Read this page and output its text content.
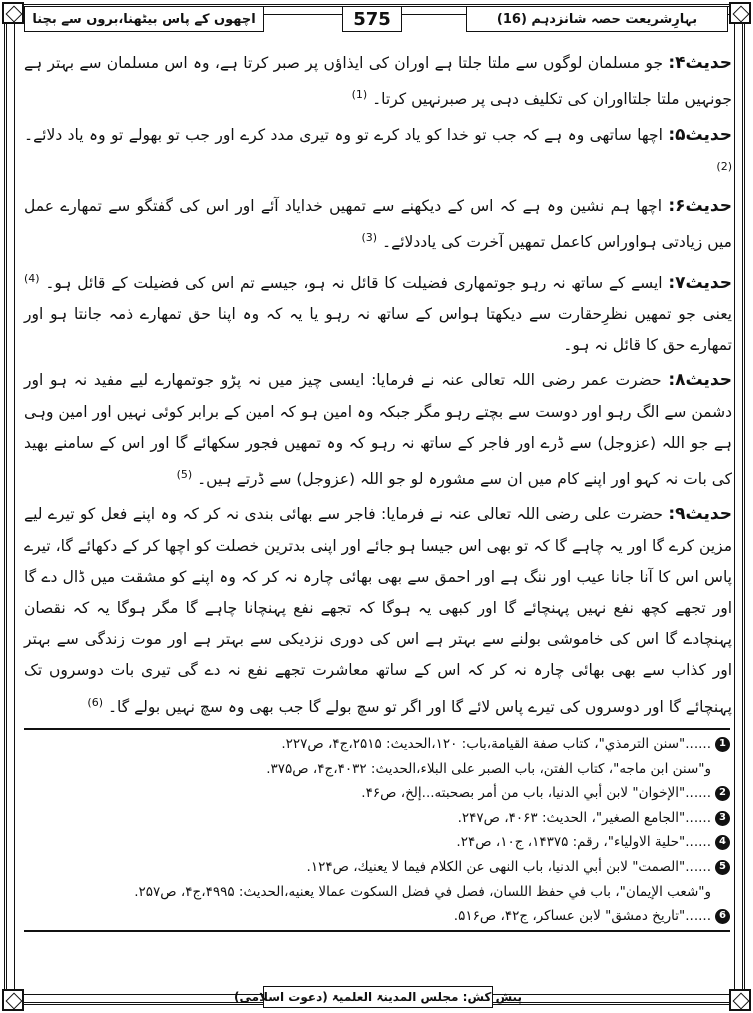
اچھوں کے پاس بیٹھنا،بروں سے بچنا	575	بہارِشریعت حصہ شانزدہم (16)

حدیث۴: جو مسلمان لوگوں سے ملتا جلتا ہے اوران کی ایذاؤں پر صبر کرتا ہے، وہ اس مسلمان سے بہتر ہے جونہیں ملتا جلتااوران کی تکلیف دہی پر صبرنہیں کرتا۔ $^{(1)}$

حدیث۵: اچھا ساتھی وہ ہے کہ جب تو خدا کو یاد کرے تو وہ تیری مدد کرے اور جب تو بھولے تو وہ یاد دلائے۔ $^{(2)}$

حدیث۶: اچھا ہم نشین وہ ہے کہ اس کے دیکھنے سے تمھیں خدایاد آئے اور اس کی گفتگو سے تمھارے عمل میں زیادتی ہواوراس کاعمل تمھیں آخرت کی یاددلائے۔ $^{(3)}$

حدیث۷: ایسے کے ساتھ نہ رہو جوتمھاری فضیلت کا قائل نہ ہو، جیسے تم اس کی فضیلت کے قائل ہو۔ $^{(4)}$ یعنی جو تمھیں نظرِحقارت سے دیکھتا ہواس کے ساتھ نہ رہو یا یہ کہ وہ اپنا حق تمھارے ذمہ جانتا ہو اور تمھارے حق کا قائل نہ ہو۔

حدیث۸: حضرت عمر رضی اللہ تعالی عنہ نے فرمایا: ایسی چیز میں نہ پڑو جوتمھارے لیے مفید نہ ہو اور دشمن سے الگ رہو اور دوست سے بچتے رہو مگر جبکہ وہ امین ہو کہ امین کے برابر کوئی نہیں اور امین وہی ہے جو اللہ (عزوجل) سے ڈرے اور فاجر کے ساتھ نہ رہو کہ وہ تمھیں فجور سکھائے گا اور اس کے سامنے بھید کی بات نہ کہو اور اپنے کام میں ان سے مشورہ لو جو اللہ (عزوجل) سے ڈرتے ہیں۔ $^{(5)}$

حدیث۹: حضرت علی رضی اللہ تعالی عنہ نے فرمایا: فاجر سے بھائی بندی نہ کر کہ وہ اپنے فعل کو تیرے لیے مزین کرے گا اور یہ چاہے گا کہ تو بھی اس جیسا ہو جائے اور اپنی بدترین خصلت کو اچھا کر کے دکھائے گا، تیرے پاس اس کا آنا جانا عیب اور ننگ ہے اور احمق سے بھی بھائی چارہ نہ کر کہ وہ اپنے کو مشقت میں ڈال دے گا اور تجھے کچھ نفع نہیں پہنچائے گا اور کبھی یہ ہوگا کہ تجھے نفع پہنچانا چاہے گا مگر ہوگا یہ کہ نقصان پہنچادے گا اس کی خاموشی بولنے سے بہتر ہے اس کی دوری نزدیکی سے بہتر ہے اور موت زندگی سے بہتر اور کذاب سے بھی بھائی چارہ نہ کر کہ اس کے ساتھ معاشرت تجھے نفع نہ دے گی تیری بات دوسروں تک پہنچائے گا اور دوسروں کی تیرے پاس لائے گا اور اگر تو سچ بولے گا جب بھی وہ سچ نہیں بولے گا۔ $^{(6)}$

1
......"سنن الترمذي"، كتاب صفة القيامة،باب: ۱۲۰،الحديث: ۲۵۱۵،ج۴، ص۲۲۷.
و"سنن ابن ماجه"، كتاب الفتن، باب الصبر على البلاء،الحديث: ۴۰۳۲،ج۴، ص۳۷۵.
2
......"الإخوان" لابن أبي الدنيا، باب من أمر بصحبته...إلخ، ص۴۶.
3
......"الجامع الصغير"، الحديث: ۴۰۶۳، ص۲۴۷.
4
......"حلية الاولياء"، رقم: ۱۴۳۷۵، ج۱۰، ص۲۴.
5
......"الصمت" لابن أبي الدنيا، باب النهى عن الكلام فيما لا يعنيك، ص۱۲۴.
و"شعب الإيمان"، باب في حفظ اللسان، فصل في فضل السكوت عمالا يعنيه،الحديث: ۴۹۹۵،ج۴، ص۲۵۷.
6
......"تاريخ دمشق" لابن عساكر، ج۴۲، ص۵۱۶.
پیش کش: مجلس المدینۃ العلمیۃ (دعوت اسلامی)
